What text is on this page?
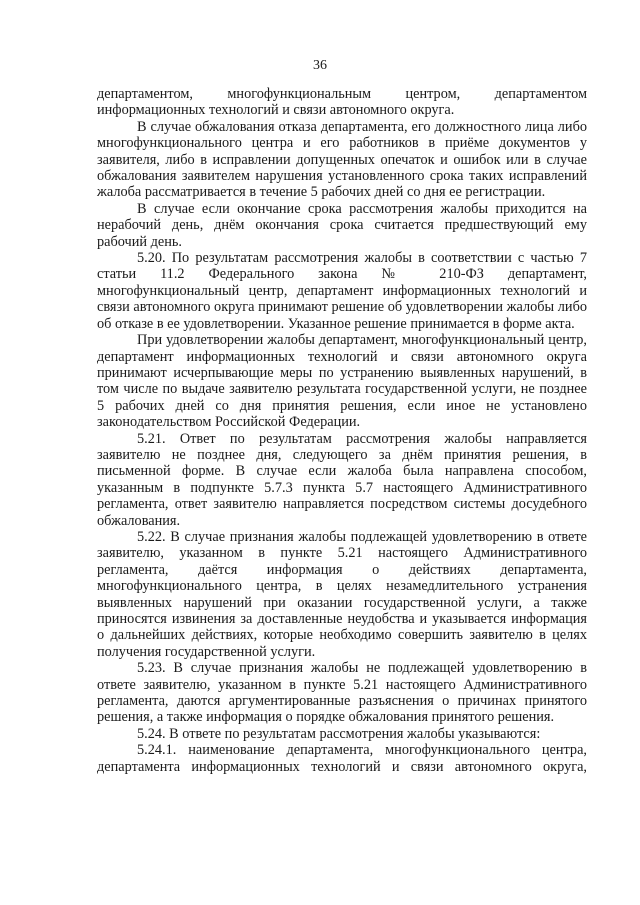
36

департаментом, многофункциональным центром, департаментом информационных технологий и связи автономного округа.

В случае обжалования отказа департамента, его должностного лица либо многофункционального центра и его работников в приёме документов у заявителя, либо в исправлении допущенных опечаток и ошибок или в случае обжалования заявителем нарушения установленного срока таких исправлений жалоба рассматривается в течение 5 рабочих дней со дня ее регистрации.

В случае если окончание срока рассмотрения жалобы приходится на нерабочий день, днём окончания срока считается предшествующий ему рабочий день.

5.20. По результатам рассмотрения жалобы в соответствии с частью 7 статьи 11.2 Федерального закона № 210-ФЗ департамент, многофункциональный центр, департамент информационных технологий и связи автономного округа принимают решение об удовлетворении жалобы либо об отказе в ее удовлетворении. Указанное решение принимается в форме акта.

При удовлетворении жалобы департамент, многофункциональный центр, департамент информационных технологий и связи автономного округа принимают исчерпывающие меры по устранению выявленных нарушений, в том числе по выдаче заявителю результата государственной услуги, не позднее 5 рабочих дней со дня принятия решения, если иное не установлено законодательством Российской Федерации.

5.21. Ответ по результатам рассмотрения жалобы направляется заявителю не позднее дня, следующего за днём принятия решения, в письменной форме. В случае если жалоба была направлена способом, указанным в подпункте 5.7.3 пункта 5.7 настоящего Административного регламента, ответ заявителю направляется посредством системы досудебного обжалования.

5.22. В случае признания жалобы подлежащей удовлетворению в ответе заявителю, указанном в пункте 5.21 настоящего Административного регламента, даётся информация о действиях департамента, многофункционального центра, в целях незамедлительного устранения выявленных нарушений при оказании государственной услуги, а также приносятся извинения за доставленные неудобства и указывается информация о дальнейших действиях, которые необходимо совершить заявителю в целях получения государственной услуги.

5.23. В случае признания жалобы не подлежащей удовлетворению в ответе заявителю, указанном в пункте 5.21 настоящего Административного регламента, даются аргументированные разъяснения о причинах принятого решения, а также информация о порядке обжалования принятого решения.

5.24. В ответе по результатам рассмотрения жалобы указываются:

5.24.1. наименование департамента, многофункционального центра, департамента информационных технологий и связи автономного округа,
